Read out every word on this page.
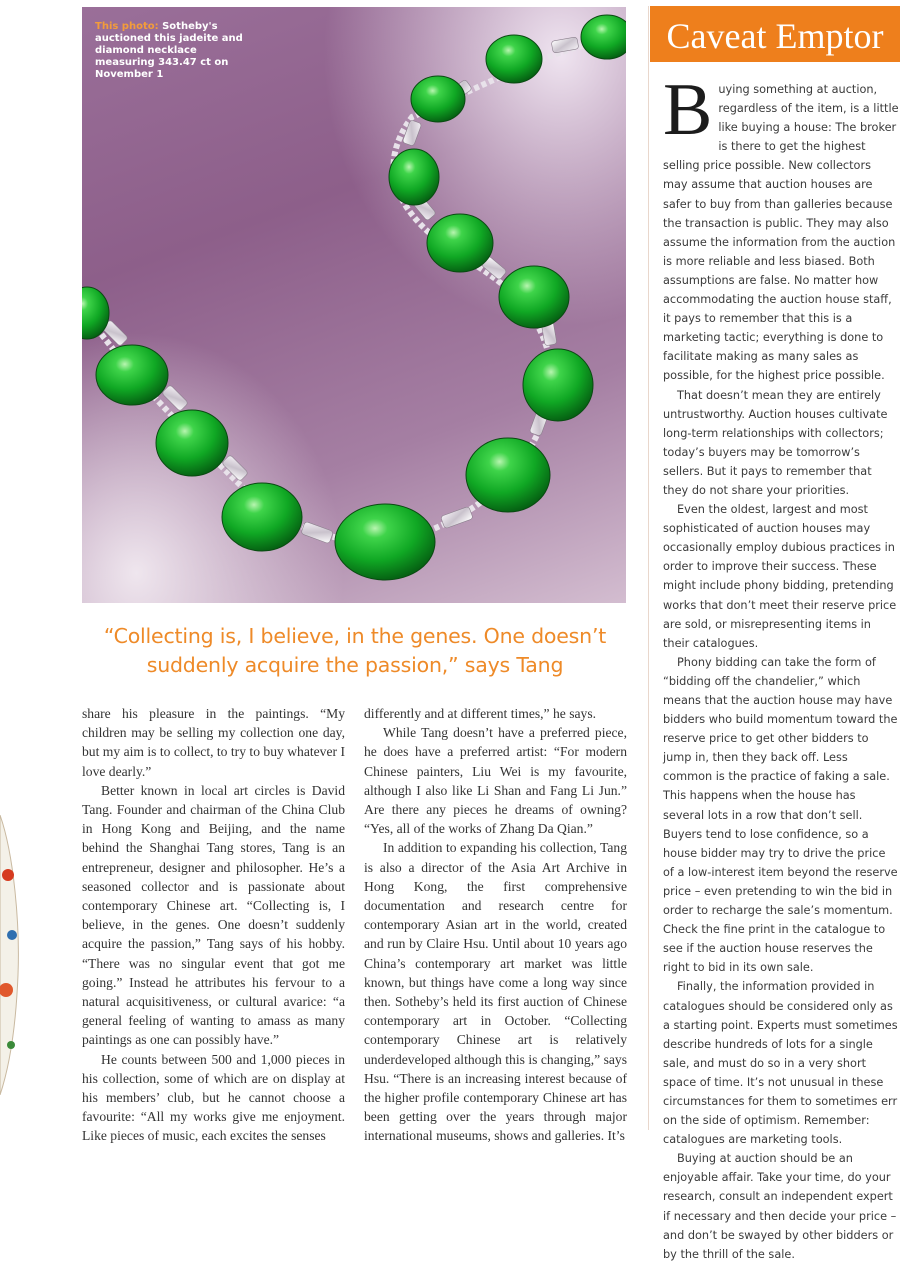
This photo: Sotheby's auctioned this jadeite and diamond necklace measuring 343.47 ct on November 1
“Collecting is, I believe, in the genes. One doesn’t suddenly acquire the passion,” says Tang

share his pleasure in the paintings. “My children may be selling my collection one day, but my aim is to collect, to try to buy whatever I love dearly.”

Better known in local art circles is David Tang. Founder and chairman of the China Club in Hong Kong and Beijing, and the name behind the Shanghai Tang stores, Tang is an entrepreneur, designer and philosopher. He’s a seasoned collector and is passionate about contemporary Chinese art. “Collecting is, I believe, in the genes. One doesn’t suddenly acquire the passion,” Tang says of his hobby. “There was no singular event that got me going.” Instead he attributes his fervour to a natural acquisitiveness, or cultural avarice: “a general feeling of wanting to amass as many paintings as one can possibly have.”

He counts between 500 and 1,000 pieces in his collection, some of which are on display at his members’ club, but he cannot choose a favourite: “All my works give me enjoyment. Like pieces of music, each excites the senses

differently and at different times,” he says.

While Tang doesn’t have a preferred piece, he does have a preferred artist: “For modern Chinese painters, Liu Wei is my favourite, although I also like Li Shan and Fang Li Jun.” Are there any pieces he dreams of owning? “Yes, all of the works of Zhang Da Qian.”

In addition to expanding his collection, Tang is also a director of the Asia Art Archive in Hong Kong, the first comprehensive documentation and research centre for contemporary Asian art in the world, created and run by Claire Hsu. Until about 10 years ago China’s contemporary art market was little known, but things have come a long way since then. Sotheby’s held its first auction of Chinese contemporary art in October. “Collecting contemporary Chinese art is relatively underdeveloped although this is changing,” says Hsu. “There is an increasing interest because of the higher profile contemporary Chinese art has been getting over the years through major international museums, shows and galleries. It’s

Caveat Emptor

Buying something at auction, regardless of the item, is a little like buying a house: The broker is there to get the highest selling price possible. New collectors may assume that auction houses are safer to buy from than galleries because the transaction is public. They may also assume the information from the auction is more reliable and less biased. Both assumptions are false. No matter how accommodating the auction house staff, it pays to remember that this is a marketing tactic; everything is done to facilitate making as many sales as possible, for the highest price possible.

That doesn’t mean they are entirely untrustworthy. Auction houses cultivate long-term relationships with collectors; today’s buyers may be tomorrow’s sellers. But it pays to remember that they do not share your priorities.

Even the oldest, largest and most sophisticated of auction houses may occasionally employ dubious practices in order to improve their success. These might include phony bidding, pretending works that don’t meet their reserve price are sold, or misrepresenting items in their catalogues.

Phony bidding can take the form of “bidding off the chandelier,” which means that the auction house may have bidders who build momentum toward the reserve price to get other bidders to jump in, then they back off. Less common is the practice of faking a sale. This happens when the house has several lots in a row that don’t sell. Buyers tend to lose confidence, so a house bidder may try to drive the price of a low-interest item beyond the reserve price – even pretending to win the bid in order to recharge the sale’s momentum. Check the fine print in the catalogue to see if the auction house reserves the right to bid in its own sale.

Finally, the information provided in catalogues should be considered only as a starting point. Experts must sometimes describe hundreds of lots for a single sale, and must do so in a very short space of time. It’s not unusual in these circumstances for them to sometimes err on the side of optimism. Remember: catalogues are marketing tools.

Buying at auction should be an enjoyable affair. Take your time, do your research, consult an independent expert if necessary and then decide your price – and don’t be swayed by other bidders or by the thrill of the sale.
